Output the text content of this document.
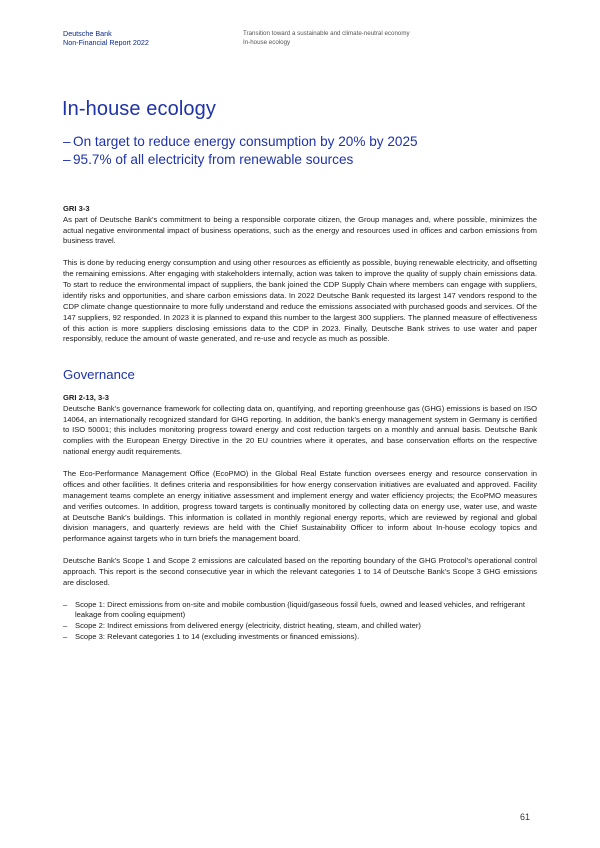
Deutsche Bank
Non-Financial Report 2022
Transition toward a sustainable and climate-neutral economy
In-house ecology
In-house ecology
– On target to reduce energy consumption by 20% by 2025
– 95.7% of all electricity from renewable sources
GRI 3-3

As part of Deutsche Bank’s commitment to being a responsible corporate citizen, the Group manages and, where possible, minimizes the actual negative environmental impact of business operations, such as the energy and resources used in offices and carbon emissions from business travel.

This is done by reducing energy consumption and using other resources as efficiently as possible, buying renewable electricity, and offsetting the remaining emissions. After engaging with stakeholders internally, action was taken to improve the quality of supply chain emissions data. To start to reduce the environmental impact of suppliers, the bank joined the CDP Supply Chain where members can engage with suppliers, identify risks and opportunities, and share carbon emissions data. In 2022 Deutsche Bank requested its largest 147 vendors respond to the CDP climate change questionnaire to more fully understand and reduce the emissions associated with purchased goods and services. Of the 147 suppliers, 92 responded. In 2023 it is planned to expand this number to the largest 300 suppliers. The planned measure of effectiveness of this action is more suppliers disclosing emissions data to the CDP in 2023. Finally, Deutsche Bank strives to use water and paper responsibly, reduce the amount of waste generated, and re-use and recycle as much as possible.

Governance
GRI 2-13, 3-3

Deutsche Bank’s governance framework for collecting data on, quantifying, and reporting greenhouse gas (GHG) emissions is based on ISO 14064, an internationally recognized standard for GHG reporting. In addition, the bank’s energy management system in Germany is certified to ISO 50001; this includes monitoring progress toward energy and cost reduction targets on a monthly and annual basis. Deutsche Bank complies with the European Energy Directive in the 20 EU countries where it operates, and base conservation efforts on the respective national energy audit requirements.

The Eco-Performance Management Office (EcoPMO) in the Global Real Estate function oversees energy and resource conservation in offices and other facilities. It defines criteria and responsibilities for how energy conservation initiatives are evaluated and approved. Facility management teams complete an energy initiative assessment and implement energy and water efficiency projects; the EcoPMO measures and verifies outcomes. In addition, progress toward targets is continually monitored by collecting data on energy use, water use, and waste at Deutsche Bank’s buildings. This information is collated in monthly regional energy reports, which are reviewed by regional and global division managers, and quarterly reviews are held with the Chief Sustainability Officer to inform about In-house ecology topics and performance against targets who in turn briefs the management board.

Deutsche Bank’s Scope 1 and Scope 2 emissions are calculated based on the reporting boundary of the GHG Protocol’s operational control approach. This report is the second consecutive year in which the relevant categories 1 to 14 of Deutsche Bank’s Scope 3 GHG emissions are disclosed.

– Scope 1: Direct emissions from on-site and mobile combustion (liquid/gaseous fossil fuels, owned and leased vehicles, and refrigerant leakage from cooling equipment)
– Scope 2: Indirect emissions from delivered energy (electricity, district heating, steam, and chilled water)
– Scope 3: Relevant categories 1 to 14 (excluding investments or financed emissions).
61
